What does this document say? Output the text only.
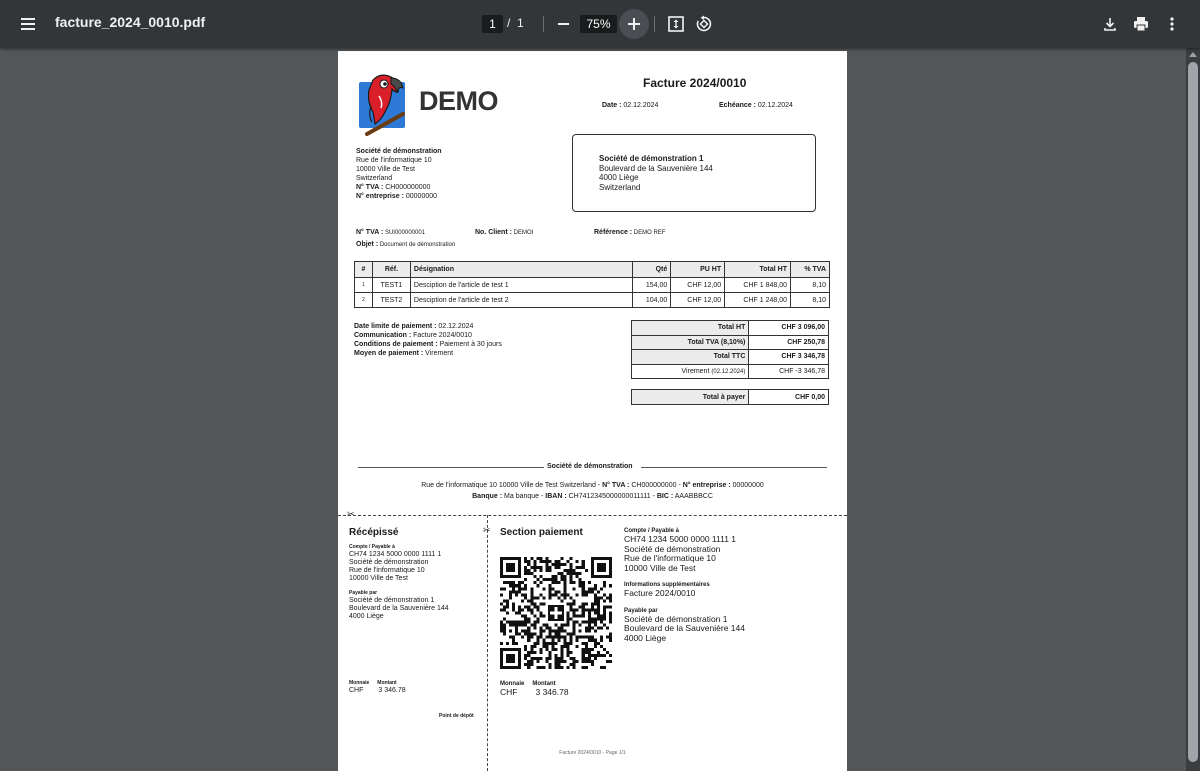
facture_2024_0010.pdf	1 / 1	75%
DEMO
Facture 2024/0010
Date : 02.12.2024	Echéance : 02.12.2024
Société de démonstration
Rue de l'informatique 10
10000 Ville de Test
Switzerland
N° TVA : CH000000000
N° entreprise : 00000000
Société de démonstration 1
Boulevard de la Sauvenière 144
4000 Liège
Switzerland
N° TVA : SUI000000001	No. Client : DEMOI	Référence : DEMO REF
Objet : Document de démonstration
#	Réf.	Désignation	Qté	PU HT	Total HT	% TVA
1	TEST1	Desciption de l'article de test 1	154,00	CHF 12,00	CHF 1 848,00	8,10
2	TEST2	Desciption de l'article de test 2	104,00	CHF 12,00	CHF 1 248,00	8,10
Date limite de paiement : 02.12.2024
Communication : Facture 2024/0010
Conditions de paiement : Paiement à 30 jours
Moyen de paiement : Virement
Total HT	CHF 3 096,00
Total TVA (8,10%)	CHF 250,78
Total TTC	CHF 3 346,78
Virement (02.12.2024)	CHF -3 346,78
Total à payer	CHF 0,00
Société de démonstration
Rue de l'informatique 10 10000 Ville de Test Switzerland - N° TVA : CH000000000 - N° entreprise : 00000000
Banque : Ma banque - IBAN : CH7412345000000011111 - BIC : AAABBBCC
✂
✂
Récépissé
Compte / Payable à
CH74 1234 5000 0000 1111 1
Société de démonstration
Rue de l'informatique 10
10000 Ville de Test
Payable par
Société de démonstration 1
Boulevard de la Sauvenière 144
4000 Liège
Monnaie Montant
CHF 3 346.78
Point de dépôt
Section paiement
Monnaie Montant
CHF 3 346.78
Compte / Payable à
CH74 1234 5000 0000 1111 1
Société de démonstration
Rue de l'informatique 10
10000 Ville de Test
Informations supplémentaires
Facture 2024/0010
Payable par
Société de démonstration 1
Boulevard de la Sauvenière 144
4000 Liège
Facture 2024/0010 - Page 1/1
